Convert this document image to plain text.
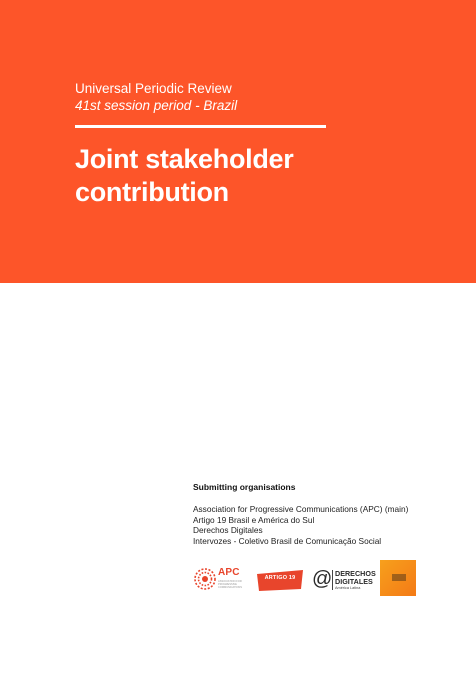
Universal Periodic Review
41st session period - Brazil
Joint stakeholder
contribution
Submitting organisations
Association for Progressive Communications (APC) (main)
Artigo 19 Brasil e América do Sul
Derechos Digitales
Intervozes - Coletivo Brasil de Comunicação Social
APC
ASSOCIATION FOR PROGRESSIVE COMMUNICATIONS
ARTIGO 19 @ DERECHOS DIGITALES
América Latina
